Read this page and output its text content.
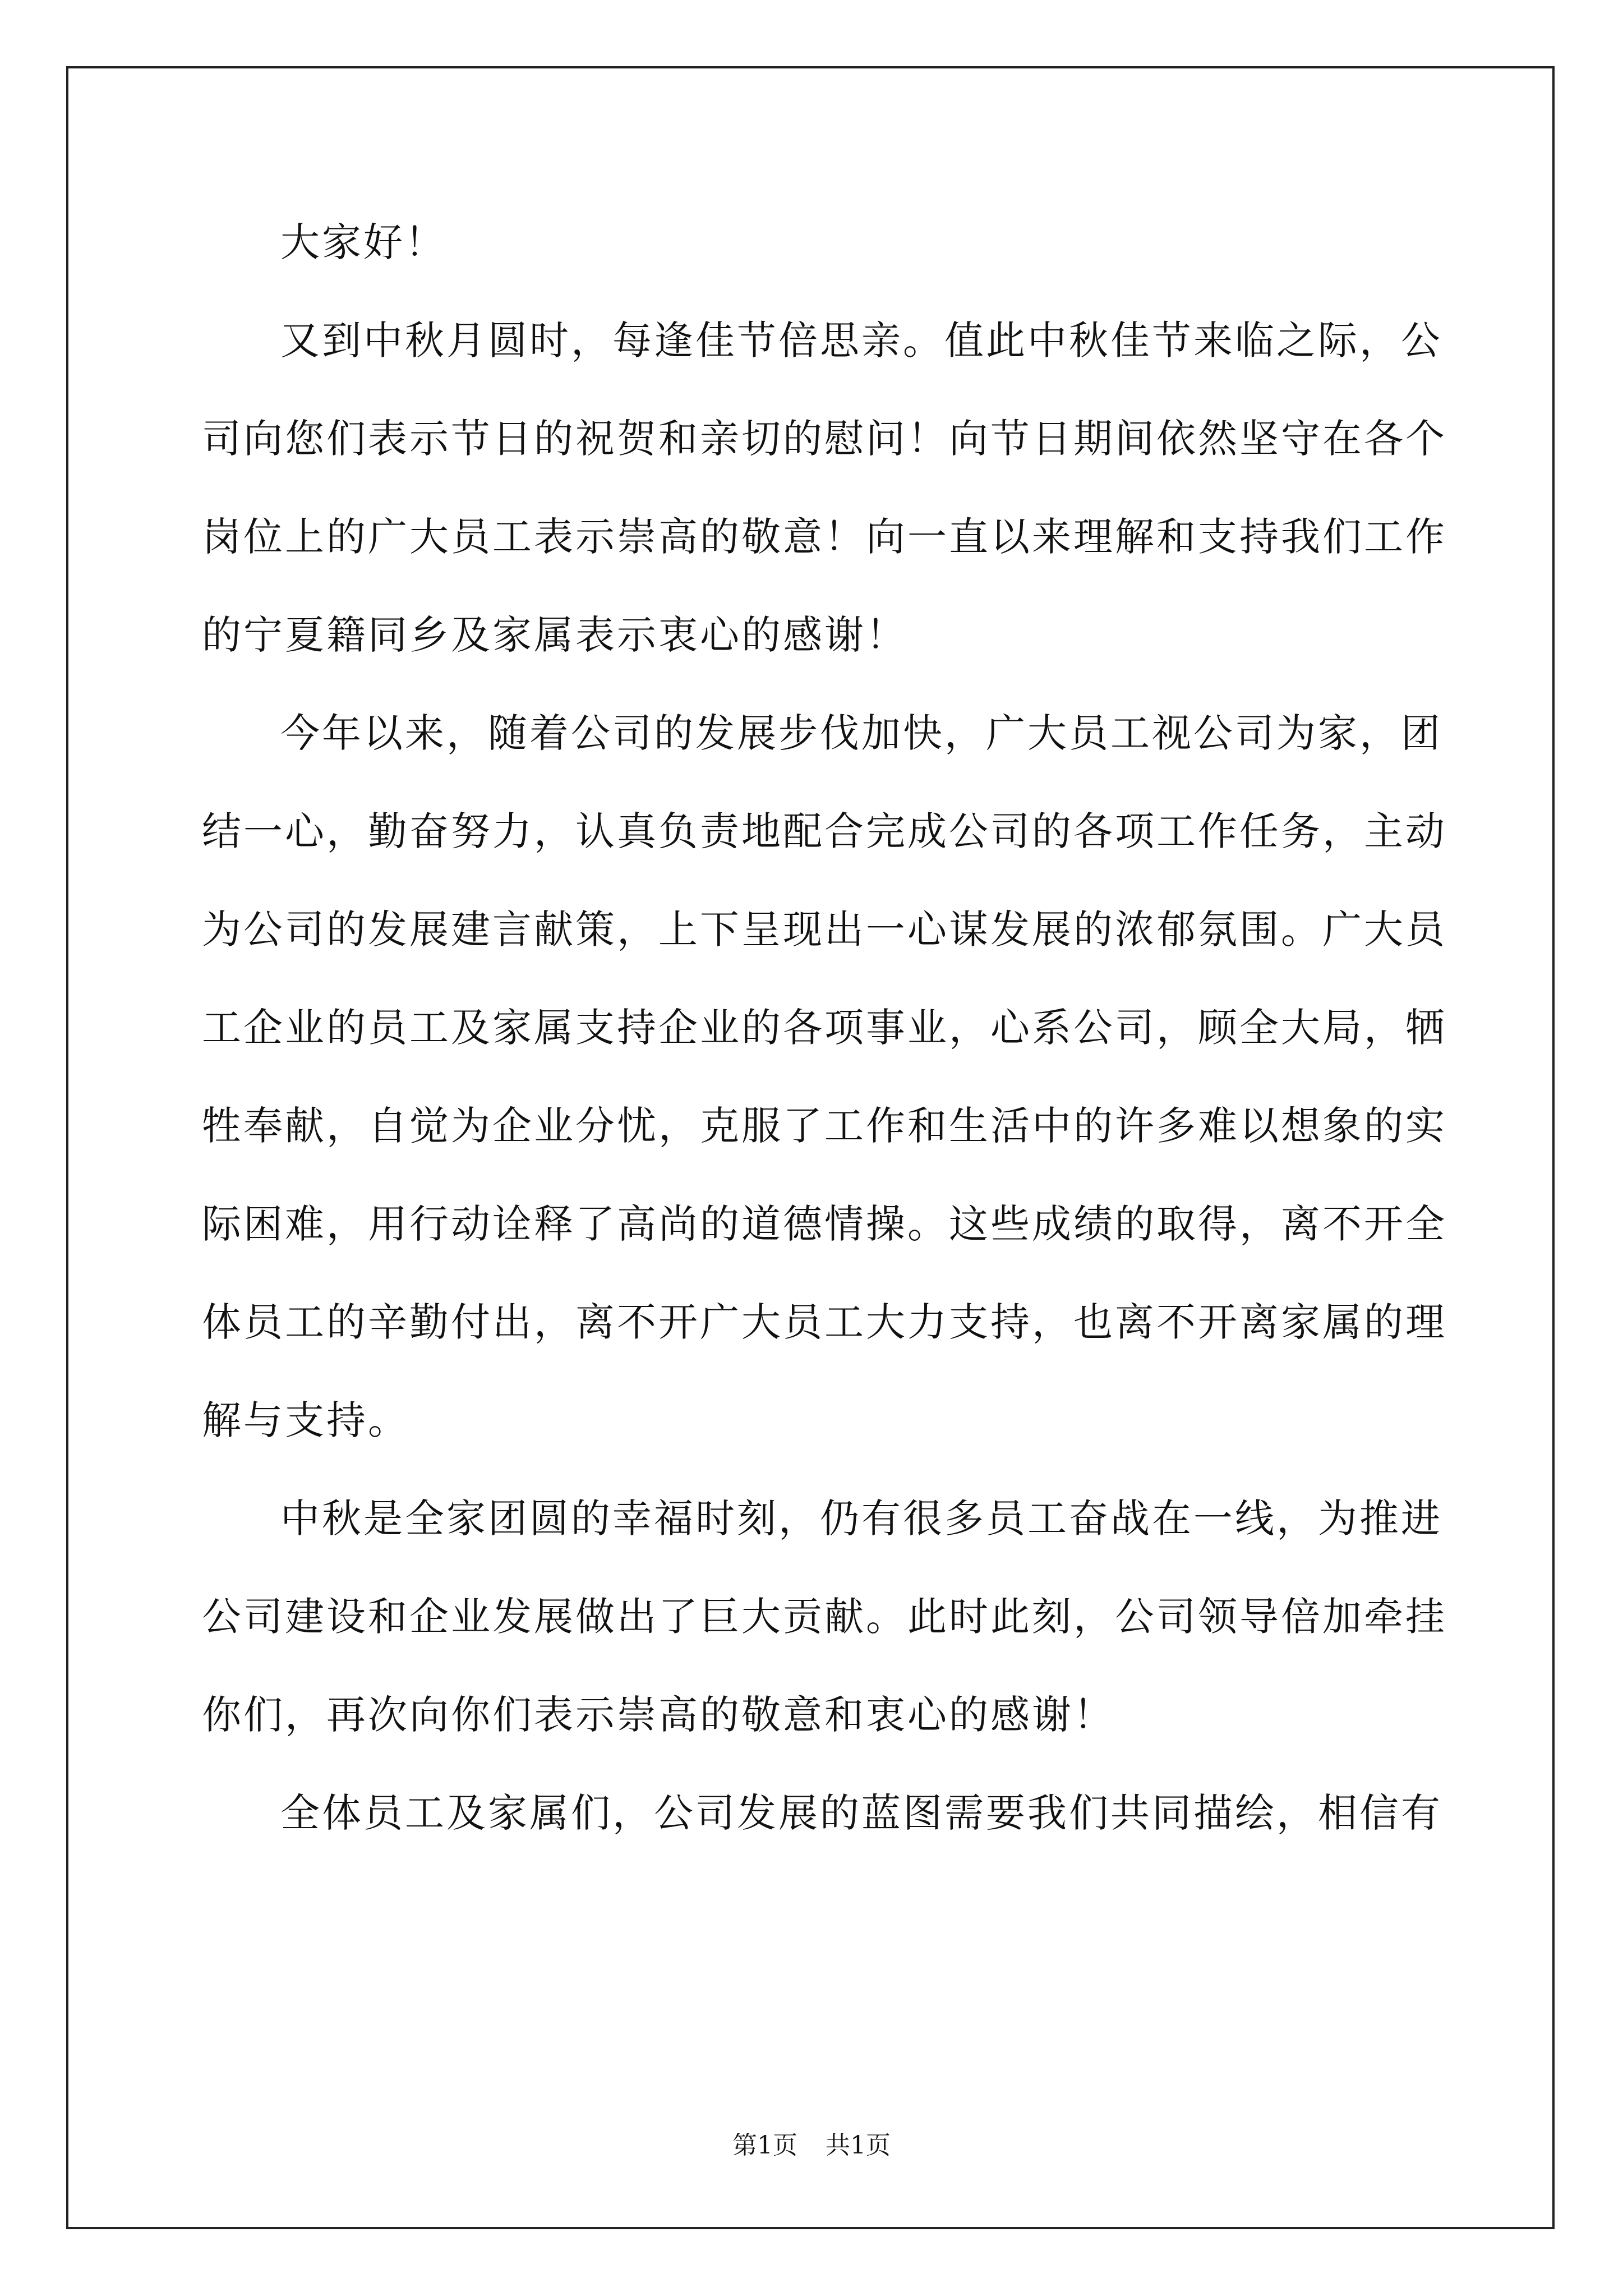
大家好！
又到中秋月圆时，每逢佳节倍思亲。值此中秋佳节来临之际，公
司向您们表示节日的祝贺和亲切的慰问！向节日期间依然坚守在各个
岗位上的广大员工表示崇高的敬意！向一直以来理解和支持我们工作
的宁夏籍同乡及家属表示衷心的感谢！
今年以来，随着公司的发展步伐加快，广大员工视公司为家，团
结一心，勤奋努力，认真负责地配合完成公司的各项工作任务，主动
为公司的发展建言献策，上下呈现出一心谋发展的浓郁氛围。广大员
工企业的员工及家属支持企业的各项事业，心系公司，顾全大局，牺
牲奉献，自觉为企业分忧，克服了工作和生活中的许多难以想象的实
际困难，用行动诠释了高尚的道德情操。这些成绩的取得，离不开全
体员工的辛勤付出，离不开广大员工大力支持，也离不开离家属的理
解与支持。
中秋是全家团圆的幸福时刻，仍有很多员工奋战在一线，为推进
公司建设和企业发展做出了巨大贡献。此时此刻，公司领导倍加牵挂
你们，再次向你们表示崇高的敬意和衷心的感谢！
全体员工及家属们，公司发展的蓝图需要我们共同描绘，相信有
第1页 共1页
